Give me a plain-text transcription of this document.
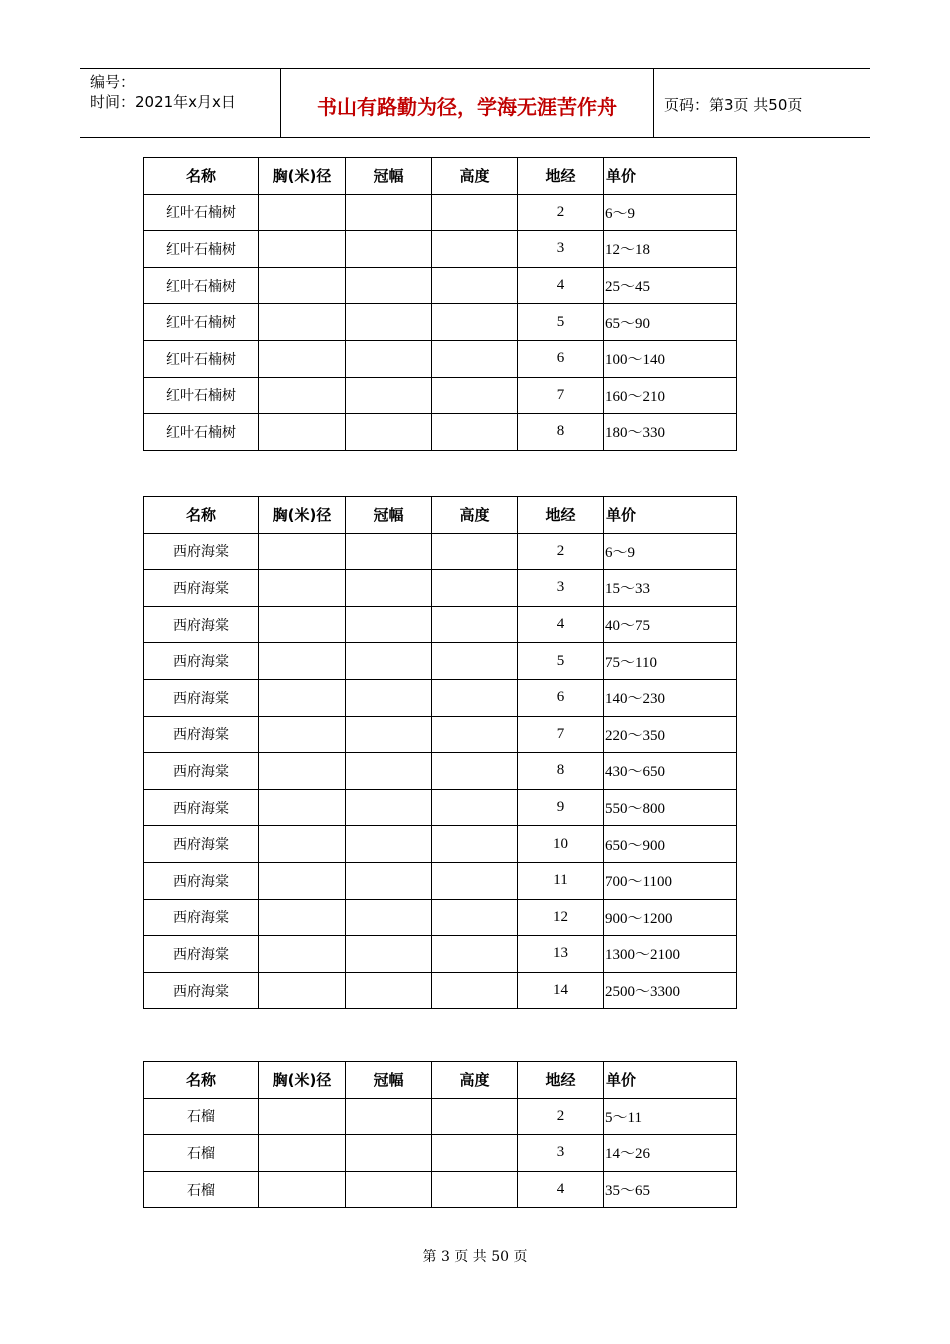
编号：
时间：2021年x月x日	书山有路勤为径，学海无涯苦作舟	页码：第3页 共50页
名称	胸(米)径	冠幅	高度	地经	单价
红叶石楠树				2	6～9
红叶石楠树				3	12～18
红叶石楠树				4	25～45
红叶石楠树				5	65～90
红叶石楠树				6	100～140
红叶石楠树				7	160～210
红叶石楠树				8	180～330
名称	胸(米)径	冠幅	高度	地经	单价
西府海棠				2	6～9
西府海棠				3	15～33
西府海棠				4	40～75
西府海棠				5	75～110
西府海棠				6	140～230
西府海棠				7	220～350
西府海棠				8	430～650
西府海棠				9	550～800
西府海棠				10	650～900
西府海棠				11	700～1100
西府海棠				12	900～1200
西府海棠				13	1300～2100
西府海棠				14	2500～3300
名称	胸(米)径	冠幅	高度	地经	单价
石榴				2	5～11
石榴				3	14～26
石榴				4	35～65
第 3 页 共 50 页
